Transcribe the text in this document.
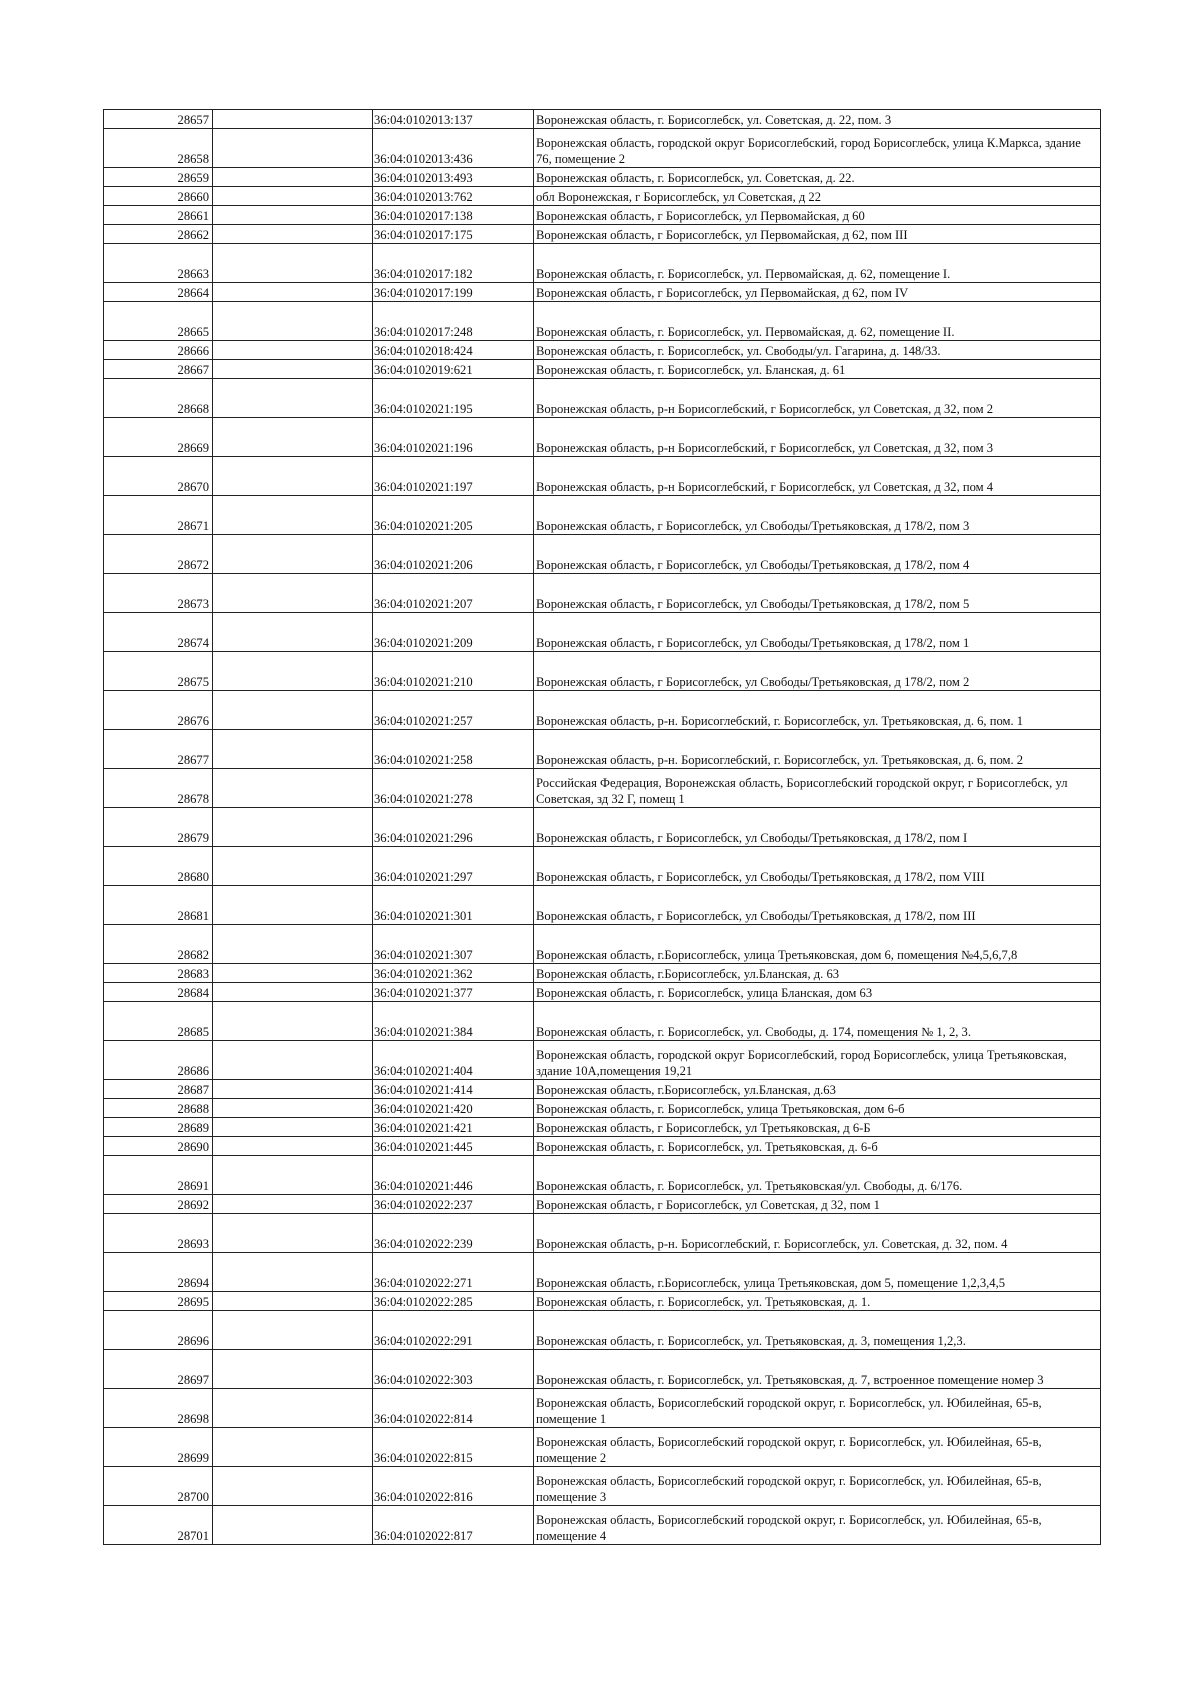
28657		36:04:0102013:137	Воронежская область, г. Борисоглебск, ул. Советская, д. 22, пом. 3
28658		36:04:0102013:436	Воронежская область, городской округ Борисоглебский, город Борисоглебск, улица К.Маркса, здание 76, помещение 2
28659		36:04:0102013:493	Воронежская область, г. Борисоглебск, ул. Советская, д. 22.
28660		36:04:0102013:762	обл Воронежская, г Борисоглебск, ул Советская, д 22
28661		36:04:0102017:138	Воронежская область, г Борисоглебск, ул Первомайская, д 60
28662		36:04:0102017:175	Воронежская область, г Борисоглебск, ул Первомайская, д 62, пом III
28663		36:04:0102017:182	Воронежская область, г. Борисоглебск, ул. Первомайская, д. 62, помещение I.
28664		36:04:0102017:199	Воронежская область, г Борисоглебск, ул Первомайская, д 62, пом IV
28665		36:04:0102017:248	Воронежская область, г. Борисоглебск, ул. Первомайская, д. 62, помещение II.
28666		36:04:0102018:424	Воронежская область, г. Борисоглебск, ул. Свободы/ул. Гагарина, д. 148/33.
28667		36:04:0102019:621	Воронежская область, г. Борисоглебск, ул. Бланская, д. 61
28668		36:04:0102021:195	Воронежская область, р-н Борисоглебский, г Борисоглебск, ул Советская, д 32, пом 2
28669		36:04:0102021:196	Воронежская область, р-н Борисоглебский, г Борисоглебск, ул Советская, д 32, пом 3
28670		36:04:0102021:197	Воронежская область, р-н Борисоглебский, г Борисоглебск, ул Советская, д 32, пом 4
28671		36:04:0102021:205	Воронежская область, г Борисоглебск, ул Свободы/Третьяковская, д 178/2, пом 3
28672		36:04:0102021:206	Воронежская область, г Борисоглебск, ул Свободы/Третьяковская, д 178/2, пом 4
28673		36:04:0102021:207	Воронежская область, г Борисоглебск, ул Свободы/Третьяковская, д 178/2, пом 5
28674		36:04:0102021:209	Воронежская область, г Борисоглебск, ул Свободы/Третьяковская, д 178/2, пом 1
28675		36:04:0102021:210	Воронежская область, г Борисоглебск, ул Свободы/Третьяковская, д 178/2, пом 2
28676		36:04:0102021:257	Воронежская область, р-н. Борисоглебский, г. Борисоглебск, ул. Третьяковская, д. 6, пом. 1
28677		36:04:0102021:258	Воронежская область, р-н. Борисоглебский, г. Борисоглебск, ул. Третьяковская, д. 6, пом. 2
28678		36:04:0102021:278	Российская Федерация, Воронежская область, Борисоглебский городской округ, г Борисоглебск, ул Советская, зд 32 Г, помещ 1
28679		36:04:0102021:296	Воронежская область, г Борисоглебск, ул Свободы/Третьяковская, д 178/2, пом I
28680		36:04:0102021:297	Воронежская область, г Борисоглебск, ул Свободы/Третьяковская, д 178/2, пом VIII
28681		36:04:0102021:301	Воронежская область, г Борисоглебск, ул Свободы/Третьяковская, д 178/2, пом III
28682		36:04:0102021:307	Воронежская область, г.Борисоглебск, улица Третьяковская, дом 6, помещения №4,5,6,7,8
28683		36:04:0102021:362	Воронежская область, г.Борисоглебск, ул.Бланская, д. 63
28684		36:04:0102021:377	Воронежская область, г. Борисоглебск, улица Бланская, дом 63
28685		36:04:0102021:384	Воронежская область, г. Борисоглебск, ул. Свободы, д. 174, помещения № 1, 2, 3.
28686		36:04:0102021:404	Воронежская область, городской округ Борисоглебский, город Борисоглебск, улица Третьяковская, здание 10А,помещения 19,21
28687		36:04:0102021:414	Воронежская область, г.Борисоглебск, ул.Бланская, д.63
28688		36:04:0102021:420	Воронежская область, г. Борисоглебск, улица Третьяковская, дом 6-б
28689		36:04:0102021:421	Воронежская область, г Борисоглебск, ул Третьяковская, д 6-Б
28690		36:04:0102021:445	Воронежская область, г. Борисоглебск, ул. Третьяковская, д. 6-б
28691		36:04:0102021:446	Воронежская область, г. Борисоглебск, ул. Третьяковская/ул. Свободы, д. 6/176.
28692		36:04:0102022:237	Воронежская область, г Борисоглебск, ул Советская, д 32, пом 1
28693		36:04:0102022:239	Воронежская область, р-н. Борисоглебский, г. Борисоглебск, ул. Советская, д. 32, пом. 4
28694		36:04:0102022:271	Воронежская область, г.Борисоглебск, улица Третьяковская, дом 5, помещение 1,2,3,4,5
28695		36:04:0102022:285	Воронежская область, г. Борисоглебск, ул. Третьяковская, д. 1.
28696		36:04:0102022:291	Воронежская область, г. Борисоглебск, ул. Третьяковская, д. 3, помещения 1,2,3.
28697		36:04:0102022:303	Воронежская область, г. Борисоглебск, ул. Третьяковская, д. 7, встроенное помещение номер 3
28698		36:04:0102022:814	Воронежская область, Борисоглебский городской округ, г. Борисоглебск, ул. Юбилейная, 65-в, помещение 1
28699		36:04:0102022:815	Воронежская область, Борисоглебский городской округ, г. Борисоглебск, ул. Юбилейная, 65-в, помещение 2
28700		36:04:0102022:816	Воронежская область, Борисоглебский городской округ, г. Борисоглебск, ул. Юбилейная, 65-в, помещение 3
28701		36:04:0102022:817	Воронежская область, Борисоглебский городской округ, г. Борисоглебск, ул. Юбилейная, 65-в, помещение 4
